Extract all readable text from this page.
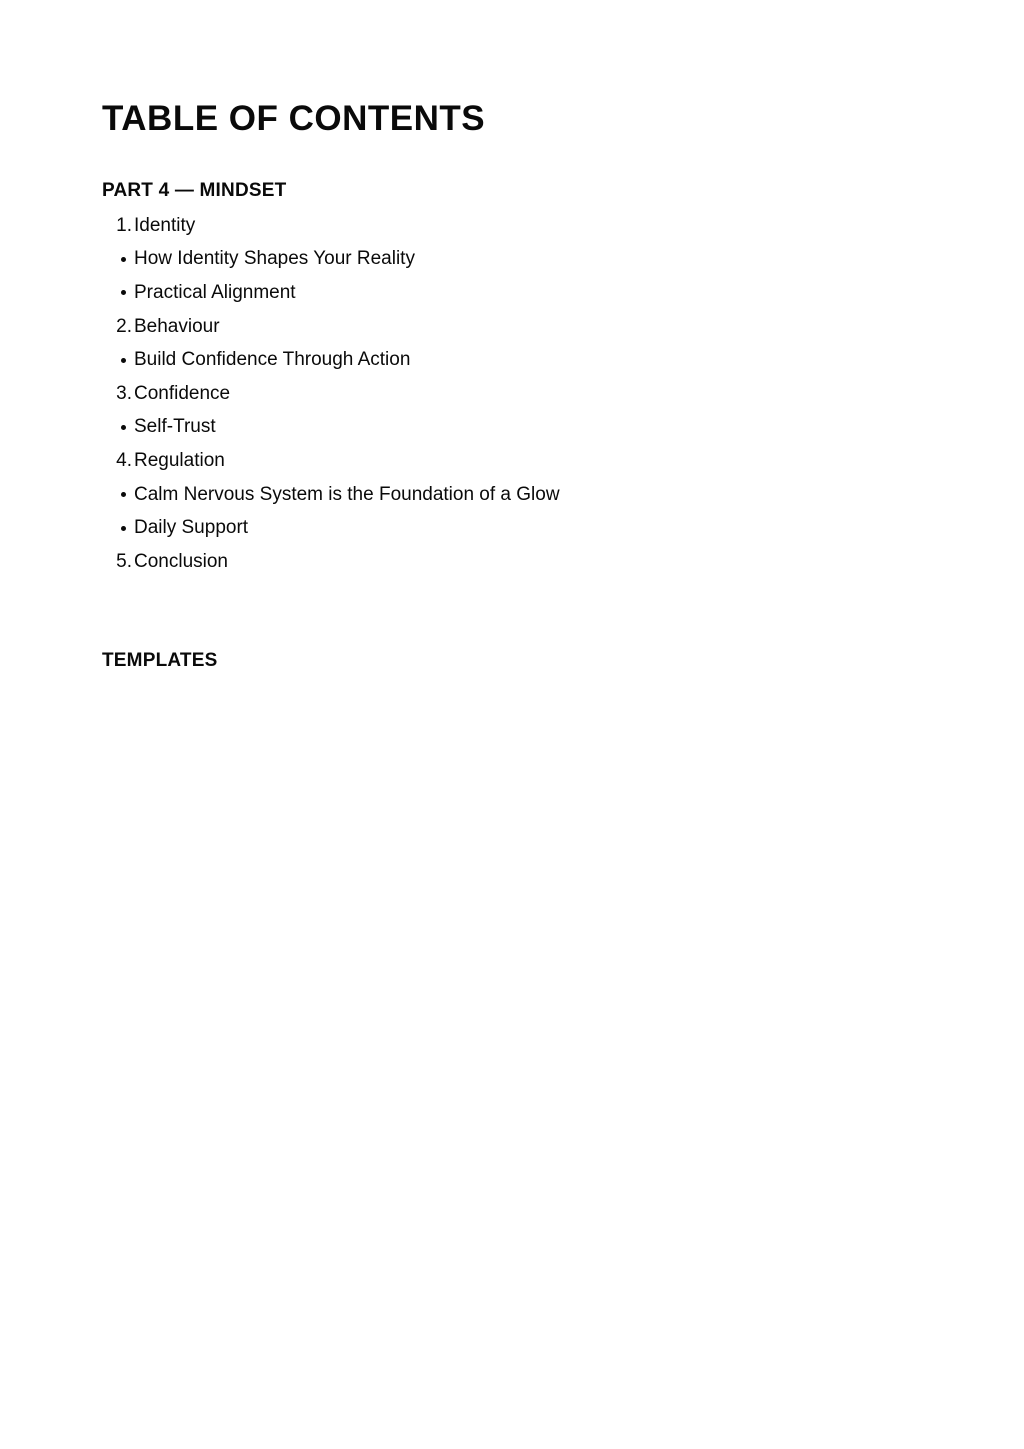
TABLE OF CONTENTS
PART 4 — MINDSET
1. Identity
How Identity Shapes Your Reality
Practical Alignment
2. Behaviour
Build Confidence Through Action
3. Confidence
Self-Trust
4. Regulation
Calm Nervous System is the Foundation of a Glow
Daily Support
5. Conclusion
TEMPLATES
